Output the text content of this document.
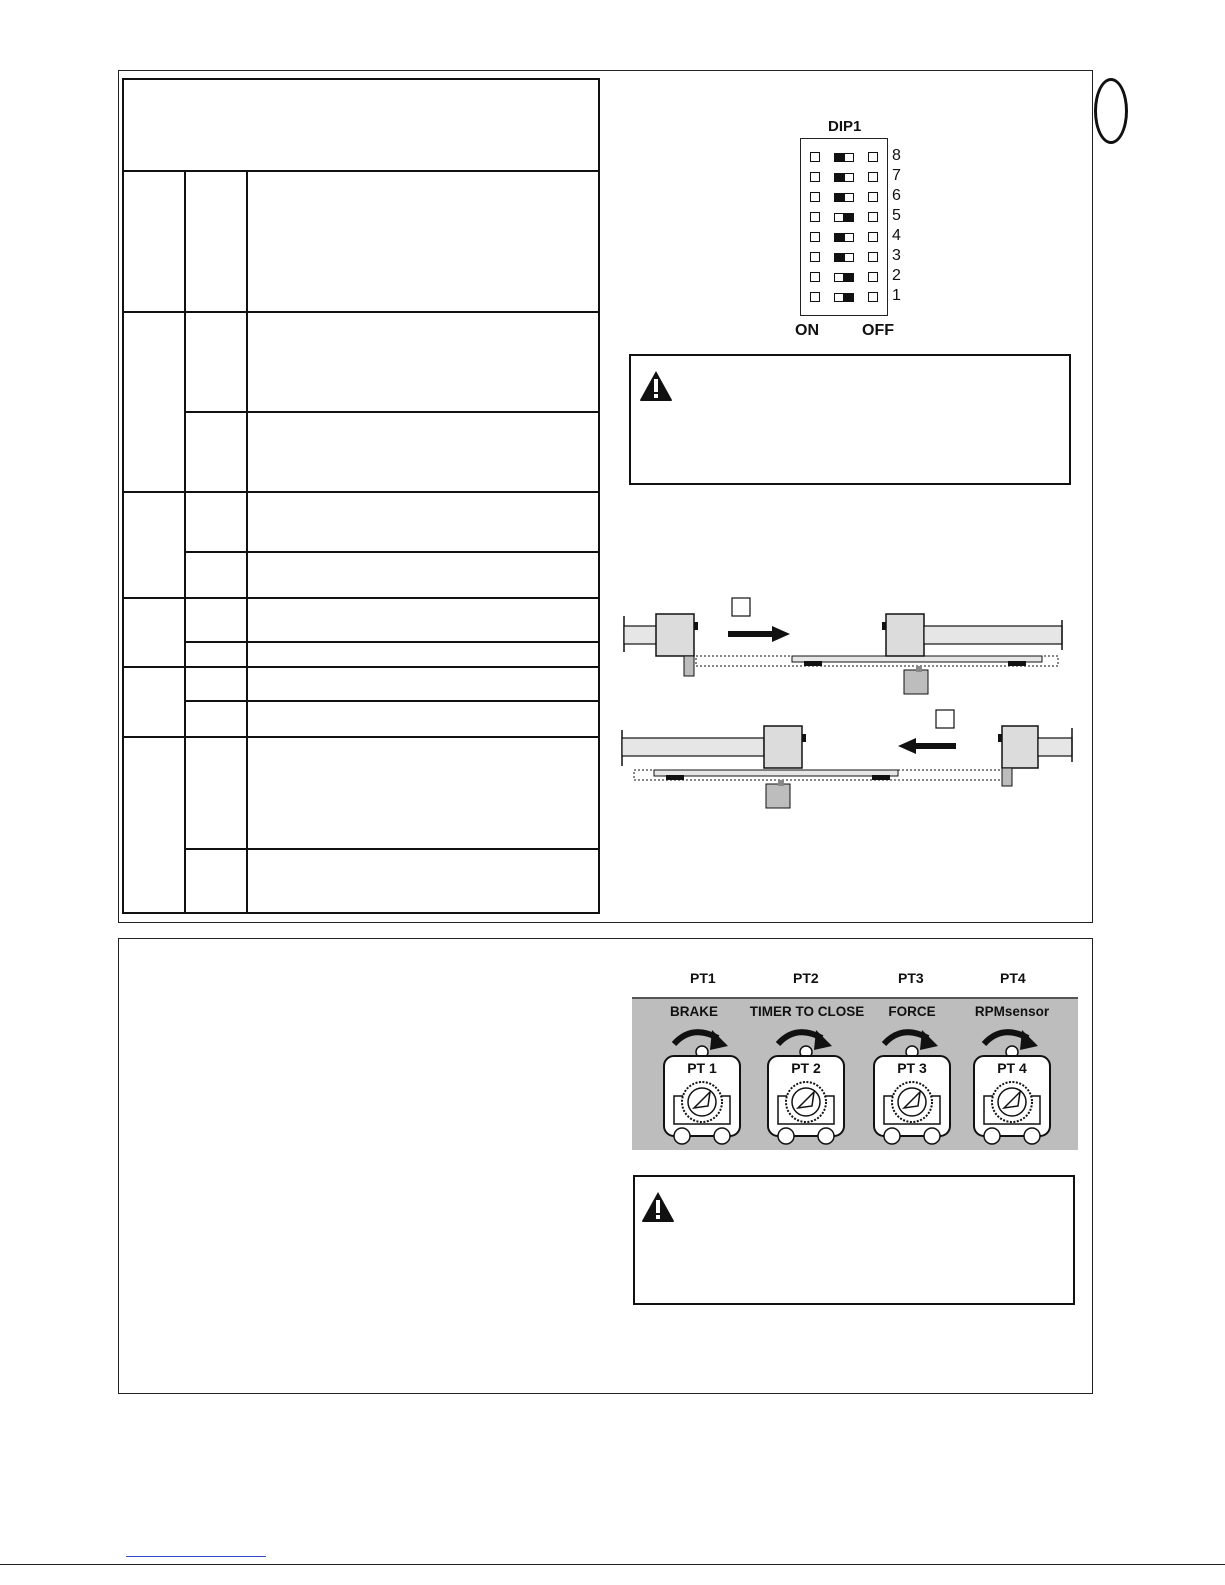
DIP1
8
7
6
5
4
3
2
1
ON	OFF
PT1	PT2	PT3	PT4
BRAKE TIMER TO CLOSE FORCE	RPMsensor
PT 1	PT 2	PT 3	PT 4
